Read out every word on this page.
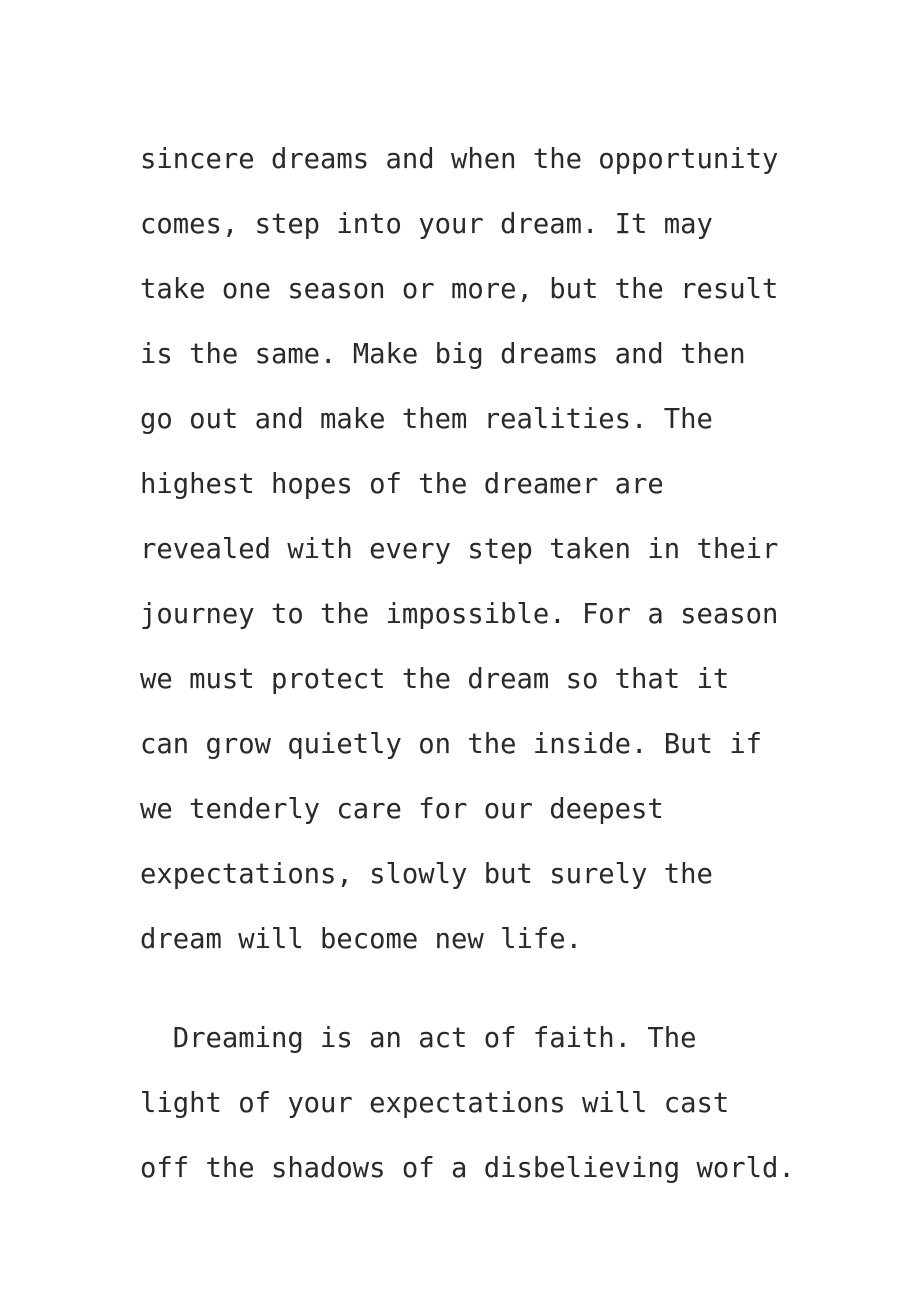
sincere dreams and when the opportunity
comes, step into your dream. It may
take one season or more, but the result
is the same. Make big dreams and then
go out and make them realities. The
highest hopes of the dreamer are
revealed with every step taken in their
journey to the impossible. For a season
we must protect the dream so that it
can grow quietly on the inside. But if
we tenderly care for our deepest
expectations, slowly but surely the
dream will become new life.
Dreaming is an act of faith. The
light of your expectations will cast
off the shadows of a disbelieving world.
